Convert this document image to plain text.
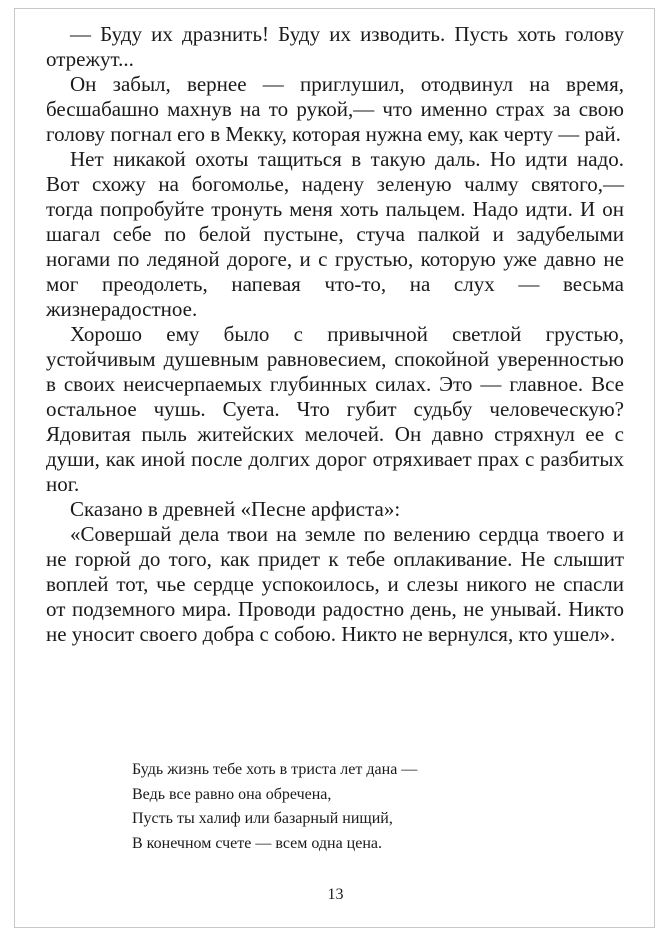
— Буду их дразнить! Буду их изводить. Пусть хоть голову отрежут...

Он забыл, вернее — приглушил, отодвинул на время, бесшабашно махнув на то рукой,— что именно страх за свою голову погнал его в Мекку, которая нужна ему, как черту — рай.

Нет никакой охоты тащиться в такую даль. Но идти надо. Вот схожу на богомолье, надену зеленую чалму святого,— тогда попробуйте тронуть меня хоть пальцем. Надо идти. И он шагал себе по белой пустыне, стуча палкой и задубелыми ногами по ледяной дороге, и с грустью, которую уже давно не мог преодолеть, напевая что-то, на слух — весьма жизнерадостное.

Хорошо ему было с привычной светлой грустью, устойчивым душевным равновесием, спокойной уверенностью в своих неисчерпаемых глубинных силах. Это — главное. Все остальное чушь. Суета. Что губит судьбу человеческую? Ядовитая пыль житейских мелочей. Он давно стряхнул ее с души, как иной после долгих дорог отряхивает прах с разбитых ног.

Сказано в древней «Песне арфиста»:

«Совершай дела твои на земле по велению сердца твоего и не горюй до того, как придет к тебе оплакивание. Не слышит воплей тот, чье сердце успокоилось, и слезы никого не спасли от подземного мира. Проводи радостно день, не унывай. Никто не уносит своего добра с собою. Никто не вернулся, кто ушел».

Будь жизнь тебе хоть в триста лет дана —
Ведь все равно она обречена,
Пусть ты халиф или базарный нищий,
В конечном счете — всем одна цена.
13
